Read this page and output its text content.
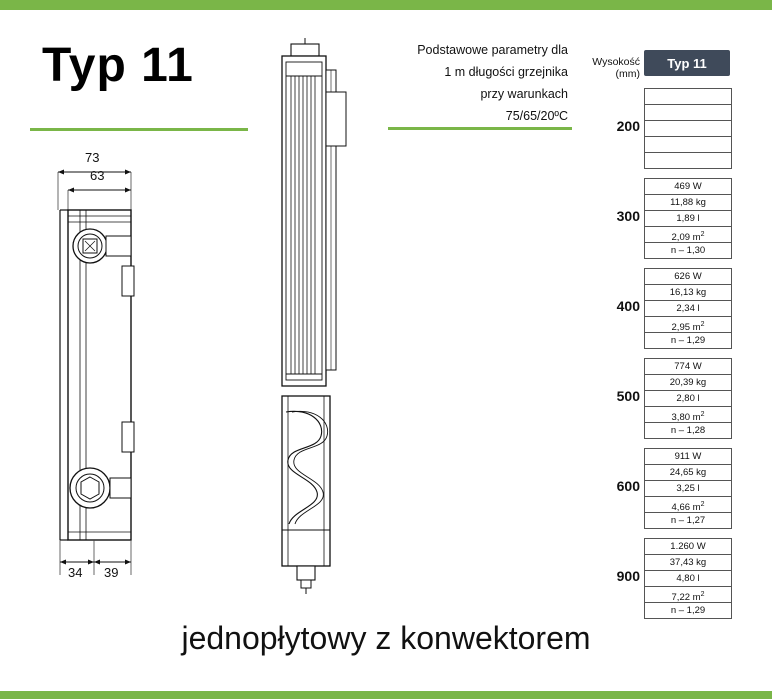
Typ 11
73
63
34 39
Podstawowe parametry dla
1 m długości grzejnika
przy warunkach
75/65/20ºC
Wysokość (mm)
Typ 11
200

300
469 W
11,88 kg
1,89 l
2,09 $m^2$
n – 1,30
400
626 W
16,13 kg
2,34 l
2,95 $m^2$
n – 1,29
500
774 W
20,39 kg
2,80 l
3,80 $m^2$
n – 1,28
600
911 W
24,65 kg
3,25 l
4,66 $m^2$
n – 1,27
900
1.260 W
37,43 kg
4,80 l
7,22 $m^2$
n – 1,29
jednopłytowy z konwektorem
